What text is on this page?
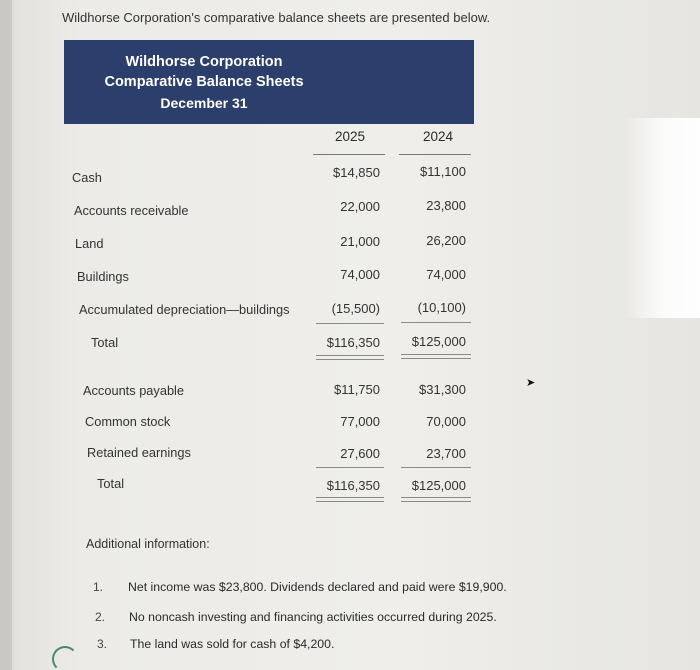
Wildhorse Corporation's comparative balance sheets are presented below.
Wildhorse Corporation
Comparative Balance Sheets
December 31
2025	2024
Cash	$14,850	$11,100
Accounts receivable	22,000	23,800
Land	21,000	26,200
Buildings	74,000	74,000
Accumulated depreciation—buildings	(15,500)	(10,100)
Total	$116,350	$125,000
Accounts payable	$11,750	$31,300
Common stock	77,000	70,000
Retained earnings	27,600	23,700
Total	$116,350	$125,000
Additional information:
1. Net income was $23,800. Dividends declared and paid were $19,900.
2. No noncash investing and financing activities occurred during 2025.
3. The land was sold for cash of $4,200.
➤
